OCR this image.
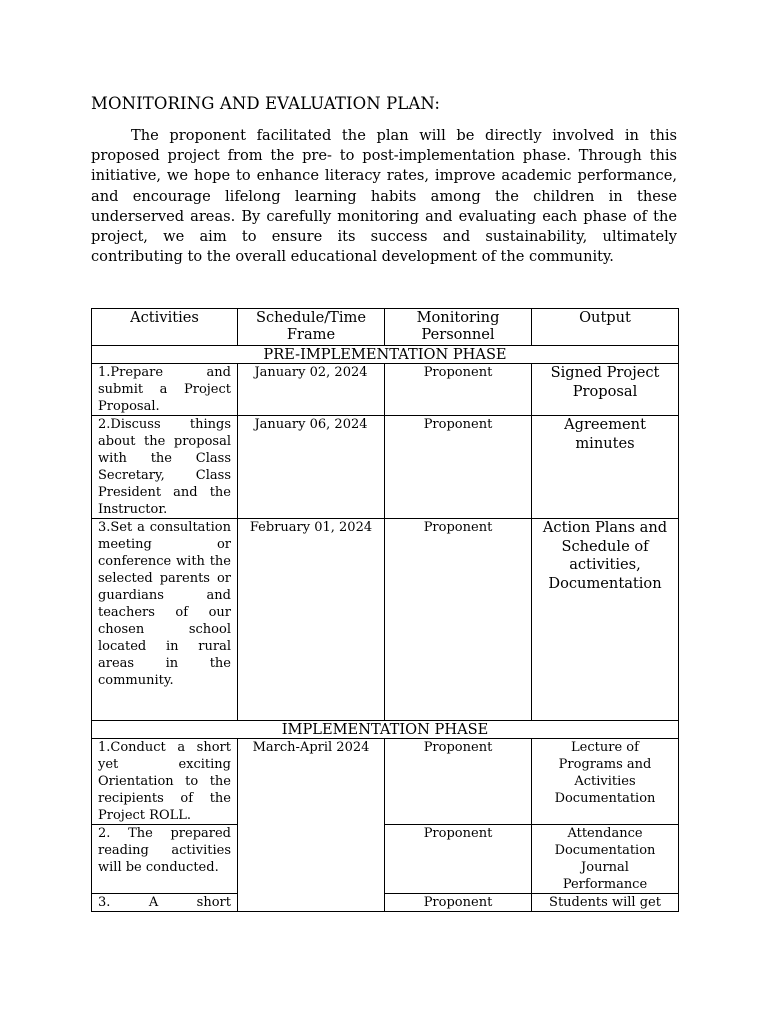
MONITORING AND EVALUATION PLAN:

The proponent facilitated the plan will be directly involved in this proposed project from the pre- to post-implementation phase. Through this initiative, we hope to enhance literacy rates, improve academic performance, and encourage lifelong learning habits among the children in these underserved areas. By carefully monitoring and evaluating each phase of the project, we aim to ensure its success and sustainability, ultimately contributing to the overall educational development of the community.

Activities	Schedule/Time Frame	Monitoring Personnel	Output
PRE-IMPLEMENTATION PHASE			
1.Prepare and submit a Project Proposal.	January 02, 2024	Proponent	Signed Project Proposal
2.Discuss things about the proposal with the Class Secretary, Class President and the Instructor.	January 06, 2024	Proponent	Agreement minutes
3.Set a consultation meeting or conference with the selected parents or guardians and teachers of our chosen school located in rural areas in the community.	February 01, 2024	Proponent	Action Plans and Schedule of activities, Documentation
IMPLEMENTATION PHASE			
1.Conduct a short yet exciting Orientation to the recipients of the Project ROLL.	March-April 2024	Proponent	Lecture of Programs and Activities Documentation
2. The prepared reading activities will be conducted.		Proponent	Attendance Documentation Journal Performance
3. A short		Proponent	Students will get
